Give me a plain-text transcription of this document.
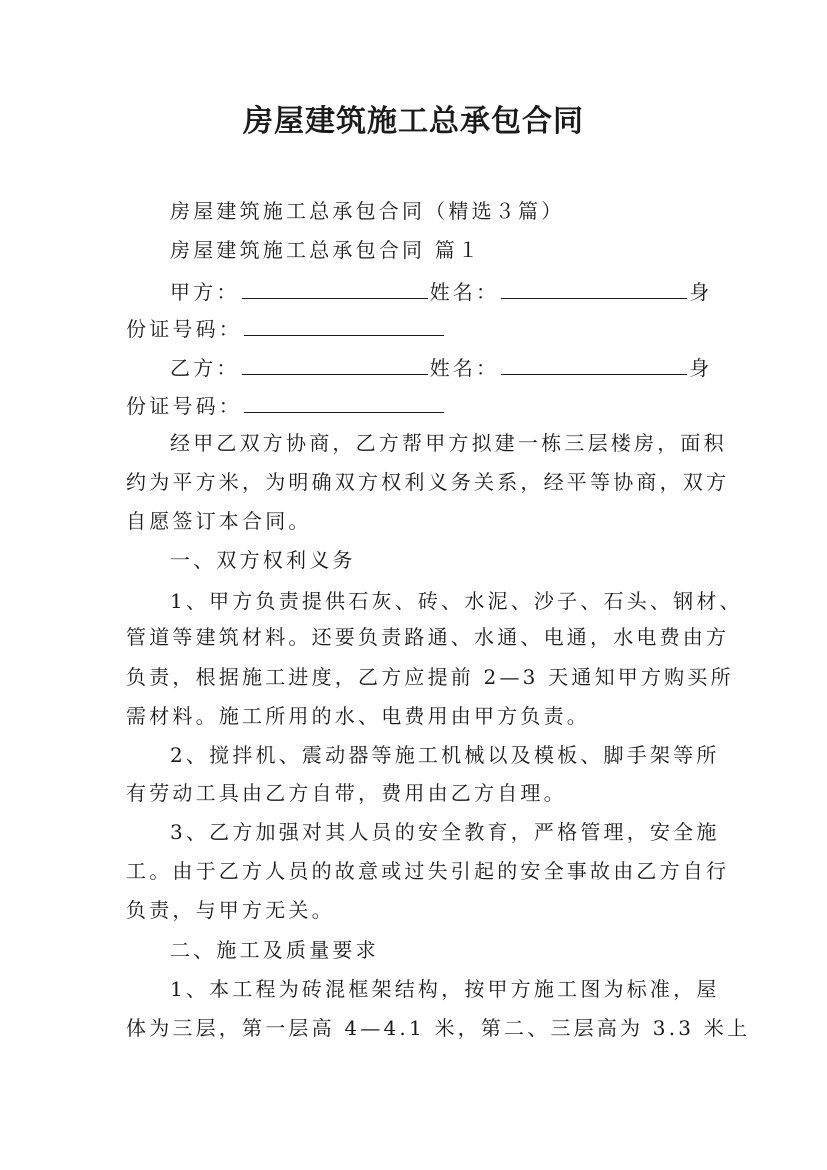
房屋建筑施工总承包合同
房屋建筑施工总承包合同（精选３篇）
房屋建筑施工总承包合同 篇１
甲方：	姓名：	身
份证号码：
乙方：	姓名：	身
份证号码：
经甲乙双方协商，乙方帮甲方拟建一栋三层楼房，面积
约为平方米，为明确双方权利义务关系，经平等协商，双方
自愿签订本合同。
一、双方权利义务
1、甲方负责提供石灰、砖、水泥、沙子、石头、钢材、
管道等建筑材料。还要负责路通、水通、电通，水电费由方
负责，根据施工进度，乙方应提前 2—3 天通知甲方购买所
需材料。施工所用的水、电费用由甲方负责。
2、搅拌机、震动器等施工机械以及模板、脚手架等所
有劳动工具由乙方自带，费用由乙方自理。
3、乙方加强对其人员的安全教育，严格管理，安全施
工。由于乙方人员的故意或过失引起的安全事故由乙方自行
负责，与甲方无关。
二、施工及质量要求
1、本工程为砖混框架结构，按甲方施工图为标准，屋
体为三层，第一层高 4—4.1 米，第二、三层高为 3.3 米上
